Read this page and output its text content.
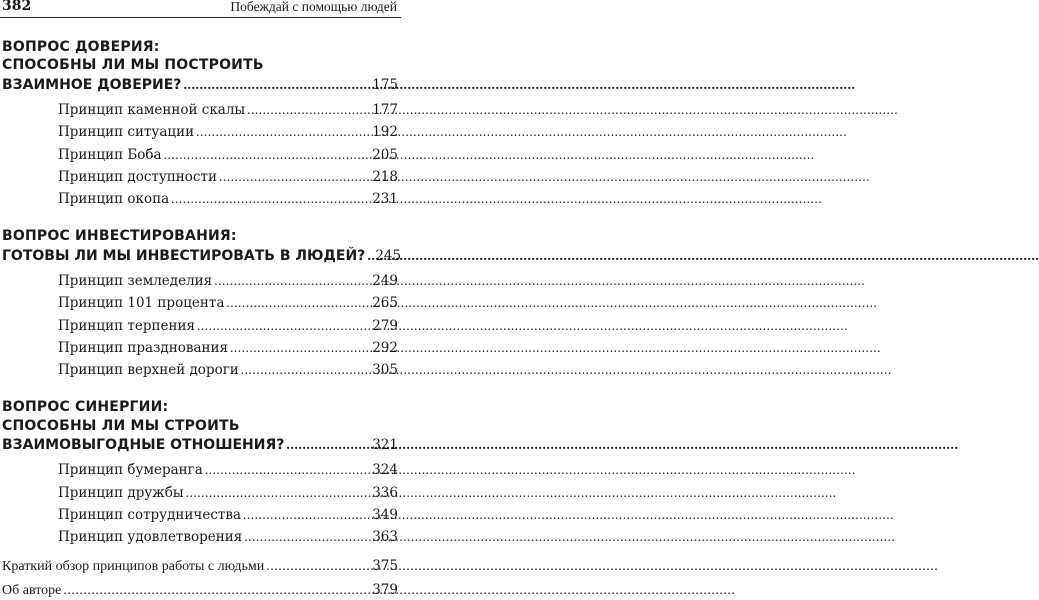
382	Побеждай с помощью людей
ВОПРОС ДОВЕРИЯ:
СПОСОБНЫ ЛИ МЫ ПОСТРОИТЬ
ВЗАИМНОЕ ДОВЕРИЕ? .....	175
Принцип каменной скалы .....	177
Принцип ситуации .....	192
Принцип Боба .....	205
Принцип доступности .....	218
Принцип окопа .....	231
ВОПРОС ИНВЕСТИРОВАНИЯ:
ГОТОВЫ ЛИ МЫ ИНВЕСТИРОВАТЬ В ЛЮДЕЙ? ..... 245
Принцип земледелия .....	249
Принцип 101 процента .....	265
Принцип терпения .....	279
Принцип празднования .....	292
Принцип верхней дороги .....	305
ВОПРОС СИНЕРГИИ:
СПОСОБНЫ ЛИ МЫ СТРОИТЬ
ВЗАИМОВЫГОДНЫЕ ОТНОШЕНИЯ? .....	321
Принцип бумеранга .....	324
Принцип дружбы .....	336
Принцип сотрудничества .....	349
Принцип удовлетворения .....	363
Краткий обзор принципов работы с людьми .....	375
Об авторе .....	379
